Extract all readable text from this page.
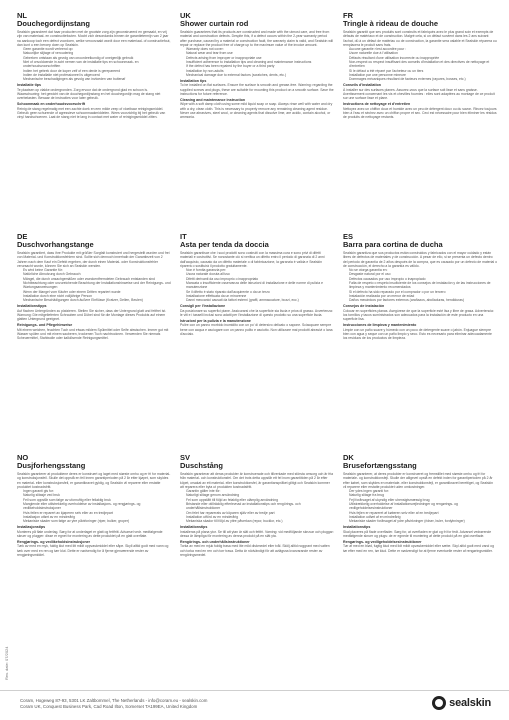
NL
Douchegordijnstang
Sealskin garandeert dat haar producten met de grootste zorg zijn geconstrueerd en gemaakt, en vrij zijn van materiaal- en constructiefouten. Mocht zich desondanks binnen de garantietermijn van 2 jaar na aankoop toch een defect voordoen, welke veroorzaakt wordt door een materiaal- of constructiefout, dan kunt u een beroep doen op Sealskin.
• Geen garantie wordt verleend op:
• Natuurlijke slijtage of veroudering
• Gebreken ontstaan als gevolg van onoordeelkundig of oneigenlijk gebruik
• Niet of onvoldoende in acht nemen van de installatie tips en schoonmaak- en onderhoudsvoorschriften
• Indien het gebrek door de koper zelf of een derde is gerepareerd
• Indien de installatie niet professioneel is uitgevoerd
• Mechanische beschadigingen als gevolg van invloeden van buitenaf
Installatie tips
Te plaatsen op vlakke ondergronden. Zorg ervoor dat de ondergrond glad en schoon is. Waarschuwing: het gewicht van de douchegordijnstang en het douchegordijn mag de stang niet overbelasten. Bewaar de instructies voor later gebruik.
Schoonmaak en onderhoudsvoorschrift
Reinig de stang regelmatig met een zachte doek en een milde zeep of vloeibaar reinigingsmiddel. Gebruik geen schurende of agressieve schoonmaakmiddelen. Wees voorzichtig bij het gebruik van vinyl handschoenen. Laat de stang niet te lang in contact met water of reinigingsmiddel zitten.
UK
Shower curtain rod
Sealskin guarantees that its products are constructed and made with the utmost care, and free from material and construction defects. Despite this, if a defect occurs within the 2-year warranty period after purchase, caused by a material or construction fault, the warranty claim is valid, and Sealskin will repair or replace the product free of charge up to the maximum value of the invoice amount.
• Warranty does not cover:
• Natural wear and tear from use
• Defects arising from improper or inappropriate use
• Insufficient adherence to installation tips and cleaning and maintenance instructions
• If the defect has been repaired by the buyer or a third party
• Installation by non-adults
• Mechanical damage due to external factors (scratches, dents, etc.)
Installation tips
To be installed on flat surfaces. Ensure the surface is smooth and grease-free. Warning: regarding the supplied screws and plugs, these are suitable for mounting this product on a smooth surface. Save the instructions for future reference.
Cleaning and maintenance instruction
Wipe with a soft damp cloth using some mild liquid soap or soap. Always rinse well with water and dry with a dry, clean cloth. This is necessary to properly remove any remaining cleaning agent residue. Never use abrasives, steel wool, or cleaning agents that dissolve lime, are acidic, contain alcohol, or ammonia.
FR
Tringle à rideau de douche
Sealskin garantit que ses produits sont construits et fabriqués avec le plus grand soin et exempts de défauts de matériaux et de construction. Malgré cela, si un défaut survient dans les 2 ans suivant l'achat, dû à un défaut de matériau ou de construction, la garantie sera valable et Sealskin réparera ou remplacera le produit sans frais.
• Aucune garantie n'est accordée pour :
• Usure naturelle due à l'utilisation
• Défauts résultant d'une utilisation incorrecte ou inappropriée
• Non-respect ou respect insuffisant des conseils d'installation et des directives de nettoyage et d'entretien
• Si le défaut a été réparé par l'acheteur ou un tiers
• Installation par une personne mineure
• Dommages mécaniques résultant de facteurs externes (rayures, bosses, etc.)
Conseils d'installation
À installer sur des surfaces planes. Assurez-vous que la surface soit lisse et sans graisse. Avertissement concernant les vis et chevilles fournies : elles sont adaptées au montage de ce produit sur une surface lisse et plane.
Instructions de nettoyage et d'entretien
Nettoyez avec un chiffon doux et humide avec un peu de détergent doux ou du savon. Rincez toujours bien à l'eau et séchez avec un chiffon propre et sec. Ceci est nécessaire pour bien éliminer les résidus de produits de nettoyage restants.
DE
Duschvorhangstange
Sealskin garantiert, dass ihre Produkte mit größter Sorgfalt konstruiert und hergestellt wurden und frei von Material- und Konstruktionsfehlern sind. Sollte sich dennoch innerhalb der Garantiezeit von 2 Jahren nach dem Kauf ein Defekt ergeben, der durch einen Material- oder Konstruktionsfehler verursacht wurde, können Sie sich an Sealskin wenden.
• Es wird keine Garantie für:
• Natürliche Abnutzung durch Gebrauch
• Mängel, die durch unsachgemäßen oder zweckentfremdeten Gebrauch entstanden sind
• Nichtbeachtung oder unzureichende Beachtung der Installationshinweise und der Reinigungs- und Wartungsanweisungen
• Wenn der Mangel vom Käufer oder einem Dritten repariert wurde
• Installation durch eine nicht volljährige Person
• Mechanische Beschädigungen durch äußere Einflüsse (Kratzer, Dellen, Beulen)
Installationstipps
Auf flachen Untergründen zu platzieren. Stellen Sie sicher, dass der Untergrund glatt und fettfrei ist. Warnung: Die mitgelieferten Schrauben und Dübel sind für die Montage dieses Produkts auf einem glatten Untergrund geeignet.
Reinigungs- und Pflegehinweise
Mit einem weichen, feuchten Tuch und etwas mildem Spülmittel oder Seife abwischen. Immer gut mit Wasser spülen und mit einem sauberen, trockenen Tuch nachtrocknen. Verwenden Sie niemals Scheuermittel, Stahlwolle oder kalklösende Reinigungsmittel.
IT
Asta per tenda da doccia
Sealskin garantisce che i suoi prodotti sono costruiti con la massima cura e sono privi di difetti materiali e costruttivi. Se nonostante ciò si verifica un difetto entro il periodo di garanzia di 2 anni dall'acquisto, causato da un difetto materiale o di fabbricazione, la garanzia è valida e Sealskin riparerà o sostituirà il prodotto gratuitamente.
• Non è fornita garanzia per:
• Usura naturale dovuta all'uso
• Difetti derivanti da uso improprio o inappropriato
• Mancata o insufficiente osservanza delle istruzioni di installazione e delle norme di pulizia e manutenzione
• Se il difetto è stato riparato dall'acquirente o da un terzo
• Installazione effettuata da un minorenne
• Danni meccanici causati da fattori esterni (graffi, ammaccature, bozzi, ecc.)
Consigli per l'installazione
Da posizionare su superfici piane. Assicurarsi che la superficie sia liscia e priva di grasso. Avvertenza: le viti e i tasselli inclusi sono adatti per l'installazione di questo prodotto su una superficie liscia.
Istruzioni per la pulizia e la manutenzione
Pulire con un panno morbido inumidito con un po' di detersivo delicato o sapone. Sciacquare sempre bene con acqua e asciugare con un panno pulito e asciutto. Non utilizzare mai prodotti abrasivi o lana d'acciaio.
ES
Barra para cortina de ducha
Sealskin garantiza que sus productos están construidos y fabricados con el mayor cuidado y están libres de defectos de materiales y de construcción. A pesar de ello, si se presenta un defecto dentro del periodo de garantía de 2 años después de la compra, que es causado por un defecto de material o de construcción, el derecho a la garantía es válido.
• No se otorga garantía en:
• Desgaste natural por el uso
• Defectos causados por uso impropio o inapropiado
• Falta de respeto o respeto insuficiente de los consejos de instalación y de las instrucciones de limpieza y mantenimiento recomendados
• Si el defecto ha sido reparado por el comprador o por un tercero
• Instalación realizada por un menor de edad
• Daños mecánicos por factores externos (arañazos, abolladuras, hendiduras)
Consejos de instalación
Colocar en superficies planas. Asegúrese de que la superficie esté lisa y libre de grasa. Advertencia: los tornillos y tacos suministrados son adecuados para la instalación de este producto en una superficie lisa.
Instrucciones de limpieza y mantenimiento
Limpie con un paño suave y húmedo con un poco de detergente suave o jabón. Enjuague siempre bien con agua y seque con un paño limpio y seco. Esto es necesario para eliminar adecuadamente los residuos de los productos de limpieza.
NO
Dusjforhengsstang
Sealskin garanterer at produktene deres er konstruert og laget med største omhu og er fri for material- og konstruksjonsfeil. Skulle det oppstå en feil innen garantiperioden på 2 år etter kjøpet, som skyldes en material- eller konstruksjonsfeil, er garantikravet gyldig, og Sealskin vil reparere eller erstatte produktet kostnadsfritt.
• Ingen garanti gis for:
• Naturlig slitasje ved bruk
• Feil som oppstår som følge av ufornuftig eller feilaktig bruk
• Manglende eller utilstrekkelig overholdelse av installasjons- og rengjørings- og vedlikeholdsinstruksjoner
• Hvis feilen er reparert av kjøperen selv eller av en tredjepart
• Installasjon utført av en mindreårig
• Mekaniske skader som følge av ytre påvirkninger (riper, bulker, groper)
Installasjonstips
Monteres på flate underlag. Sørg for at underlaget er glatt og fettfritt. Advarsel vedr. medfølgende skruer og plugger: disse er egnet for montering av dette produktet på en glatt overflate.
Rengjørings- og vedlikeholdsinstruksjoner
Tørk av med en myk, fuktig klut med litt mildt oppvaskmiddel eller såpe. Skyll alltid godt med vann og tørk over med en ren og tørr klut. Dette er nødvendig for å fjerne gjenværende rester av rengjøringsmiddel.
SV
Duschstång
Sealskin garanterar att deras produkter är konstruerade och tillverkade med största omsorg och är fria från material- och konstruktionsfel. Om det trots detta uppstår ett fel inom garantitiden på 2 år efter köpet, orsakat av ett material- eller konstruktionsfel, är garantianspråket giltigt och Sealskin kommer att reparera eller byta ut produkten kostnadsfritt.
• Garantin gäller inte för:
• Naturligt slitage genom användning
• Fel som uppstått till följd av felaktig eller olämplig användning
• Bristande eller otillräcklig efterlevnad av installationstips och rengörings- och underhållsinstruktioner
• Om felet har reparerats av köparen själv eller av tredje part
• Installation utförd av en minderårig
• Mekaniska skador till följd av yttre påverkan (repor, bucklor, etc.)
Installationstips
Installeras på plana ytor. Se till att ytan är slät och fettfri. Varning: vid medföljande skruvar och pluggar: dessa är lämpliga för montering av denna produkt på en slät yta.
Rengörings- och underhållsinstruktioner
Torka av med en mjuk fuktig trasa med lite mild diskmedel eller tvål. Skölj alltid noggrant med vatten och torka med en ren och torr trasa. Detta är nödvändigt för att avlägsna kvarvarande rester av rengöringsmedel.
DK
Brusefortængsstang
Sealskin garanterer, at deres produkter er konstrueret og fremstillet med største omhu og fri for materiale- og konstruktionsfejl. Skulle der alligevel opstå en defekt inden for garantiperioden på 2 år efter købet, som skyldes en materiale- eller konstruktionsfejl, er garantikravet berettiget, og Sealskin vil reparere eller erstatte produktet uden omkostninger.
• Der ydes ingen garanti for:
• Naturlig slitage fra brug
• Fejl forårsaget af ukyndig eller uhensigtsmæssig brug
• Utilstrækkelig overholdelse af installationsvejledninger og rengørings- og vedligeholdelsesinstruktioner
• Hvis fejlen er repareret af køberen selv eller af en tredjepart
• Installation udført af en mindreårig
• Mekaniske skader forårsaget af ydre påvirkninger (ridser, buler, fordybninger)
Installationstips
Skal placeres på flade overflader. Sørg for, at overfladen er glat og fri for fedt. Advarsel vedrørende medfølgende skruer og plugs: de er egnede til montering af dette produkt på en glat overflade.
Rengørings- og vedligeholdelsesinstruktioner
Tør af med en blød, fugtig klud med lidt mildt opvaskemiddel eller sæbe. Skyl altid godt med vand og tør efter med en ren, tør klud. Dette er nødvendigt for at fjerne eventuelle rester af rengøringsmidler.
Rev. date: 07/2024
Coram, Hogeweg 87-93, 5301 LK Zaltbommel, The Netherlands - info@coram.eu - sealskin.com
Coram UK, Conquest Business Park, Cad Road Ilton, Somerset TA199EA, United Kingdom	sealskin
